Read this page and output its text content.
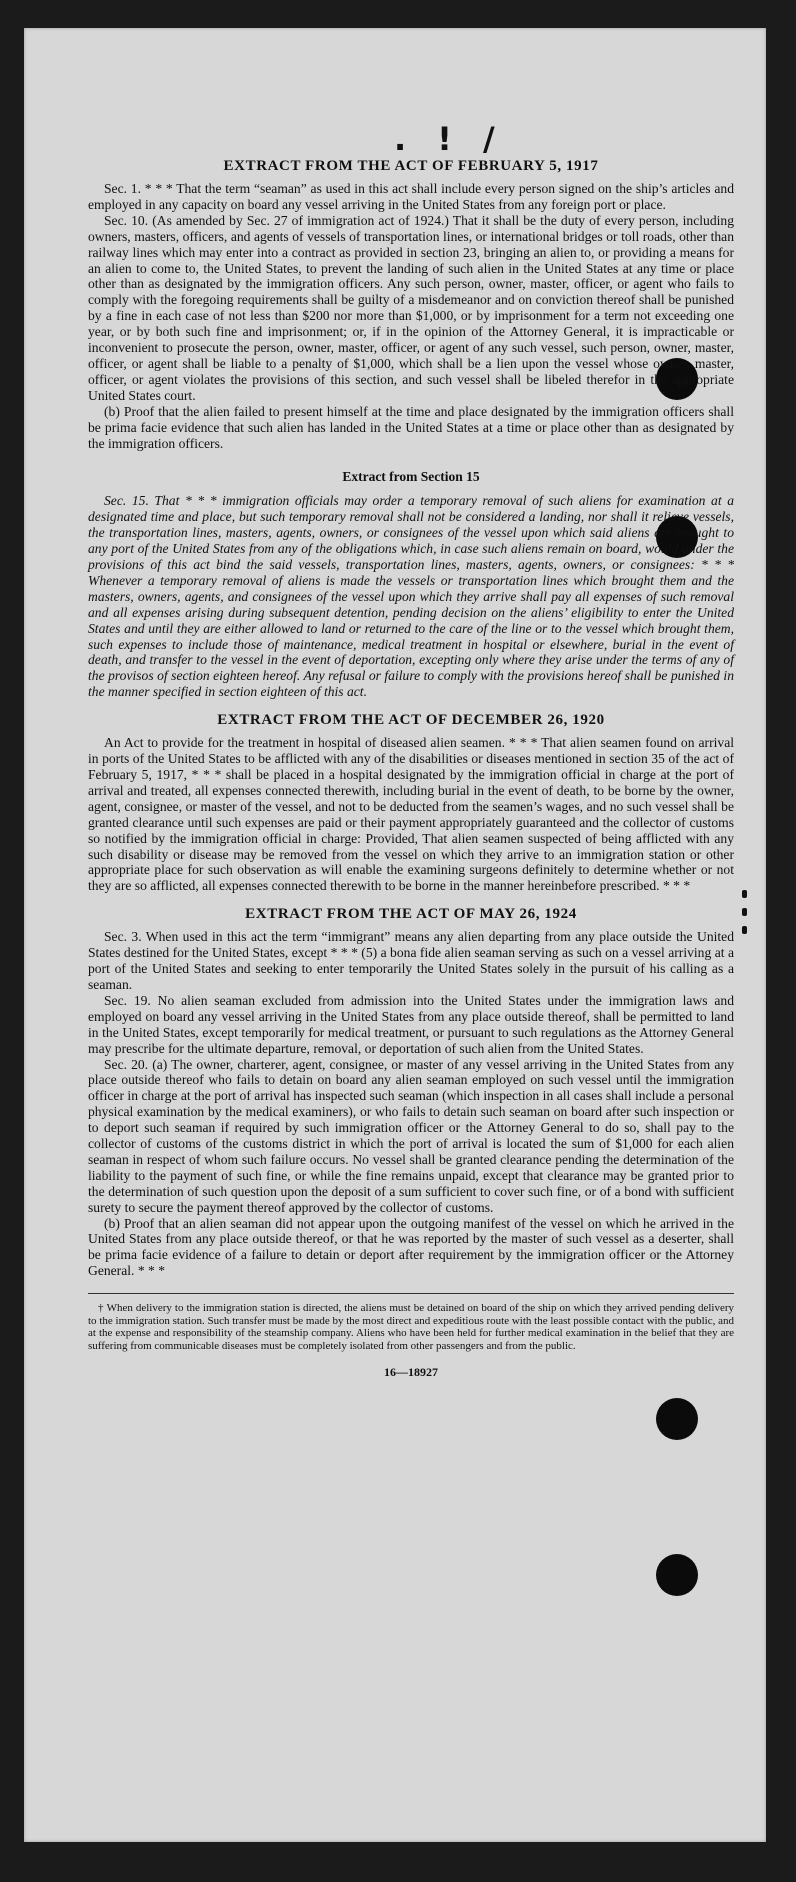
. ! /
EXTRACT FROM THE ACT OF FEBRUARY 5, 1917

Sec. 1. * * * That the term “seaman” as used in this act shall include every person signed on the ship’s articles and employed in any capacity on board any vessel arriving in the United States from any foreign port or place.

Sec. 10. (As amended by Sec. 27 of immigration act of 1924.) That it shall be the duty of every person, including owners, masters, officers, and agents of vessels of transportation lines, or international bridges or toll roads, other than railway lines which may enter into a contract as provided in section 23, bringing an alien to, or providing a means for an alien to come to, the United States, to prevent the landing of such alien in the United States at any time or place other than as designated by the immigration officers. Any such person, owner, master, officer, or agent who fails to comply with the foregoing requirements shall be guilty of a misdemeanor and on conviction thereof shall be punished by a fine in each case of not less than $200 nor more than $1,000, or by imprisonment for a term not exceeding one year, or by both such fine and imprisonment; or, if in the opinion of the Attorney General, it is impracticable or inconvenient to prosecute the person, owner, master, officer, or agent of any such vessel, such person, owner, master, officer, or agent shall be liable to a penalty of $1,000, which shall be a lien upon the vessel whose owner, master, officer, or agent violates the provisions of this section, and such vessel shall be libeled therefor in the appropriate United States court.

(b) Proof that the alien failed to present himself at the time and place designated by the immigration officers shall be prima facie evidence that such alien has landed in the United States at a time or place other than as designated by the immigration officers.

Extract from Section 15

Sec. 15. That * * * immigration officials may order a temporary removal of such aliens for examination at a designated time and place, but such temporary removal shall not be considered a landing, nor shall it relieve vessels, the transportation lines, masters, agents, owners, or consignees of the vessel upon which said aliens are brought to any port of the United States from any of the obligations which, in case such aliens remain on board, would under the provisions of this act bind the said vessels, transportation lines, masters, agents, owners, or consignees: * * * Whenever a temporary removal of aliens is made the vessels or transportation lines which brought them and the masters, owners, agents, and consignees of the vessel upon which they arrive shall pay all expenses of such removal and all expenses arising during subsequent detention, pending decision on the aliens’ eligibility to enter the United States and until they are either allowed to land or returned to the care of the line or to the vessel which brought them, such expenses to include those of maintenance, medical treatment in hospital or elsewhere, burial in the event of death, and transfer to the vessel in the event of deportation, excepting only where they arise under the terms of any of the provisos of section eighteen hereof. Any refusal or failure to comply with the provisions hereof shall be punished in the manner specified in section eighteen of this act.

EXTRACT FROM THE ACT OF DECEMBER 26, 1920

An Act to provide for the treatment in hospital of diseased alien seamen. * * * That alien seamen found on arrival in ports of the United States to be afflicted with any of the disabilities or diseases mentioned in section 35 of the act of February 5, 1917, * * * shall be placed in a hospital designated by the immigration official in charge at the port of arrival and treated, all expenses connected therewith, including burial in the event of death, to be borne by the owner, agent, consignee, or master of the vessel, and not to be deducted from the seamen’s wages, and no such vessel shall be granted clearance until such expenses are paid or their payment appropriately guaranteed and the collector of customs so notified by the immigration official in charge: Provided, That alien seamen suspected of being afflicted with any such disability or disease may be removed from the vessel on which they arrive to an immigration station or other appropriate place for such observation as will enable the examining surgeons definitely to determine whether or not they are so afflicted, all expenses connected therewith to be borne in the manner hereinbefore prescribed. * * *

EXTRACT FROM THE ACT OF MAY 26, 1924

Sec. 3. When used in this act the term “immigrant” means any alien departing from any place outside the United States destined for the United States, except * * * (5) a bona fide alien seaman serving as such on a vessel arriving at a port of the United States and seeking to enter temporarily the United States solely in the pursuit of his calling as a seaman.

Sec. 19. No alien seaman excluded from admission into the United States under the immigration laws and employed on board any vessel arriving in the United States from any place outside thereof, shall be permitted to land in the United States, except temporarily for medical treatment, or pursuant to such regulations as the Attorney General may prescribe for the ultimate departure, removal, or deportation of such alien from the United States.

Sec. 20. (a) The owner, charterer, agent, consignee, or master of any vessel arriving in the United States from any place outside thereof who fails to detain on board any alien seaman employed on such vessel until the immigration officer in charge at the port of arrival has inspected such seaman (which inspection in all cases shall include a personal physical examination by the medical examiners), or who fails to detain such seaman on board after such inspection or to deport such seaman if required by such immigration officer or the Attorney General to do so, shall pay to the collector of customs of the customs district in which the port of arrival is located the sum of $1,000 for each alien seaman in respect of whom such failure occurs. No vessel shall be granted clearance pending the determination of the liability to the payment of such fine, or while the fine remains unpaid, except that clearance may be granted prior to the determination of such question upon the deposit of a sum sufficient to cover such fine, or of a bond with sufficient surety to secure the payment thereof approved by the collector of customs.

(b) Proof that an alien seaman did not appear upon the outgoing manifest of the vessel on which he arrived in the United States from any place outside thereof, or that he was reported by the master of such vessel as a deserter, shall be prima facie evidence of a failure to detain or deport after requirement by the immigration officer or the Attorney General. * * *

† When delivery to the immigration station is directed, the aliens must be detained on board of the ship on which they arrived pending delivery to the immigration station. Such transfer must be made by the most direct and expeditious route with the least possible contact with the public, and at the expense and responsibility of the steamship company. Aliens who have been held for further medical examination in the belief that they are suffering from communicable diseases must be completely isolated from other passengers and from the public.

16—18927
